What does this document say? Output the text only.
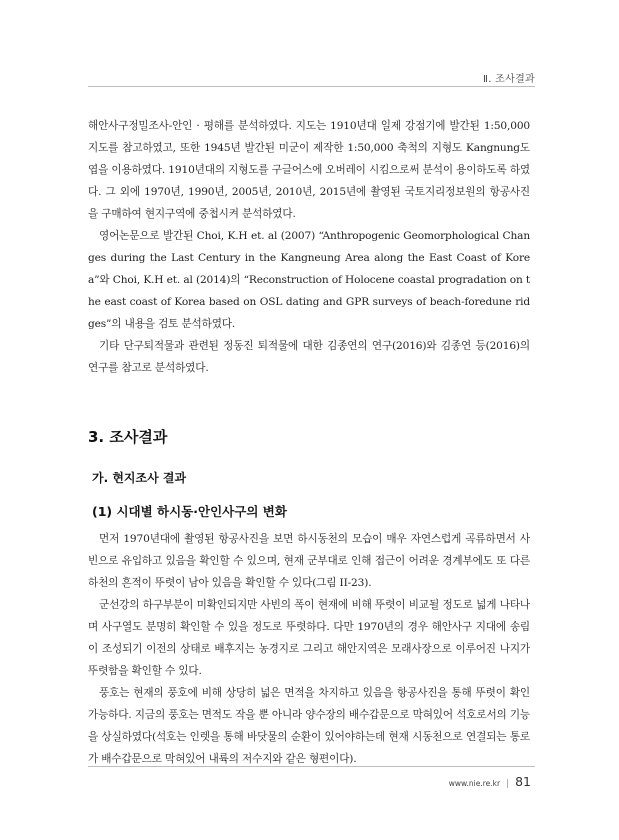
Ⅱ. 조사결과

해안사구정밀조사-안인 · 평해를 분석하였다. 지도는 1910년대 일제 강점기에 발간된 1:50,000 지도를 참고하였고, 또한 1945년 발간된 미군이 제작한 1:50,000 축척의 지형도 Kangnung도엽을 이용하였다. 1910년대의 지형도를 구글어스에 오버레이 시킴으로써 분석이 용이하도록 하였다. 그 외에 1970년, 1990년, 2005년, 2010년, 2015년에 촬영된 국토지리정보원의 항공사진을 구매하여 현지구역에 중첩시켜 분석하였다.

영어논문으로 발간된 Choi, K.H et. al (2007) “Anthropogenic Geomorphological Changes during the Last Century in the Kangneung Area along the East Coast of Korea”와 Choi, K.H et. al (2014)의 “Reconstruction of Holocene coastal progradation on the east coast of Korea based on OSL dating and GPR surveys of beach-foredune ridges”의 내용을 검토 분석하였다.

기타 단구퇴적물과 관련된 정동진 퇴적물에 대한 김종연의 연구(2016)와 김종연 등(2016)의 연구를 참고로 분석하였다.

3. 조사결과
가. 현지조사 결과
(1) 시대별 하시동·안인사구의 변화

먼저 1970년대에 촬영된 항공사진을 보면 하시동천의 모습이 매우 자연스럽게 곡류하면서 사빈으로 유입하고 있음을 확인할 수 있으며, 현재 군부대로 인해 접근이 어려운 경계부에도 또 다른 하천의 흔적이 뚜렷이 남아 있음을 확인할 수 있다(그림 II-23).

군선강의 하구부분이 미확인되지만 사빈의 폭이 현재에 비해 뚜렷이 비교될 정도로 넓게 나타나며 사구열도 분명히 확인할 수 있을 정도로 뚜렷하다. 다만 1970년의 경우 해안사구 지대에 송림이 조성되기 이전의 상태로 배후지는 농경지로 그리고 해안지역은 모래사장으로 이루어진 나지가 뚜렷함을 확인할 수 있다.

풍호는 현재의 풍호에 비해 상당히 넓은 면적을 차지하고 있음을 항공사진을 통해 뚜렷이 확인 가능하다. 지금의 풍호는 면적도 작을 뿐 아니라 양수장의 배수갑문으로 막혀있어 석호로서의 기능을 상실하였다(석호는 인렛을 통해 바닷물의 순환이 있어야하는데 현재 시동천으로 연결되는 통로가 배수갑문으로 막혀있어 내륙의 저수지와 같은 형편이다).

www.nie.re.kr | 81
